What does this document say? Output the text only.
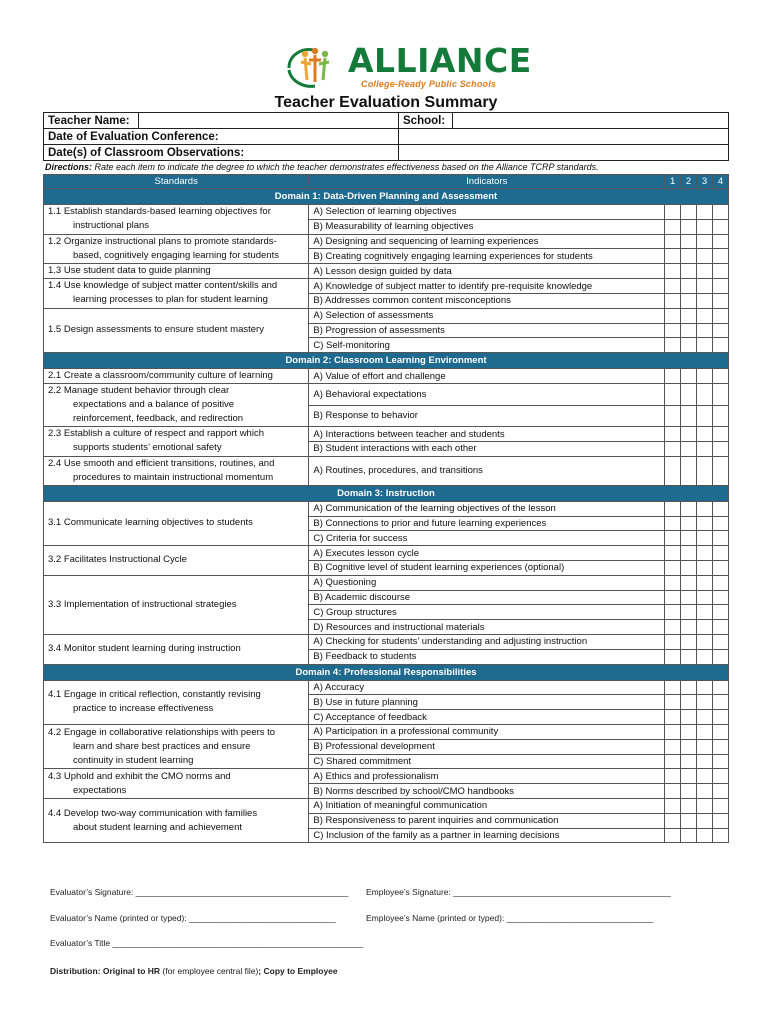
ALLIANCE
College-Ready Public Schools
Teacher Evaluation Summary
Teacher Name:		School:	
Date of Evaluation Conference:			
Date(s) of Classroom Observations:			
Directions: Rate each item to indicate the degree to which the teacher demonstrates effectiveness based on the Alliance TCRP standards.
Standards	Indicators	1	2	3	4
Domain 1: Data-Driven Planning and Assessment					

1.1 Establish standards-based learning objectives for
instructional plans	A) Selection of learning objectives				
	B) Measurability of learning objectives				

1.2 Organize instructional plans to promote standards-
based, cognitively engaging learning for students	A) Designing and sequencing of learning experiences				
	B) Creating cognitively engaging learning experiences for students				

1.3 Use student data to guide planning	A) Lesson design guided by data				

1.4 Use knowledge of subject matter content/skills and
learning processes to plan for student learning	A) Knowledge of subject matter to identify pre-requisite knowledge				
	B) Addresses common content misconceptions				

1.5 Design assessments to ensure student mastery	A) Selection of assessments				
	B) Progression of assessments				
	C) Self-monitoring				
Domain 2: Classroom Learning Environment					

2.1 Create a classroom/community culture of learning	A) Value of effort and challenge				

2.2 Manage student behavior through clear
expectations and a balance of positive
reinforcement, feedback, and redirection	A) Behavioral expectations				
	B) Response to behavior				

2.3 Establish a culture of respect and rapport which
supports students’ emotional safety	A) Interactions between teacher and students				
	B) Student interactions with each other				

2.4 Use smooth and efficient transitions, routines, and
procedures to maintain instructional momentum	A) Routines, procedures, and transitions				
Domain 3: Instruction					

3.1 Communicate learning objectives to students	A) Communication of the learning objectives of the lesson				
	B) Connections to prior and future learning experiences				
	C) Criteria for success				

3.2 Facilitates Instructional Cycle	A) Executes lesson cycle				
	B) Cognitive level of student learning experiences (optional)				

3.3 Implementation of instructional strategies	A) Questioning				
	B) Academic discourse				
	C) Group structures				
	D) Resources and instructional materials				

3.4 Monitor student learning during instruction	A) Checking for students’ understanding and adjusting instruction				
	B) Feedback to students				
Domain 4: Professional Responsibilities					

4.1 Engage in critical reflection, constantly revising
practice to increase effectiveness	A) Accuracy				
	B) Use in future planning				
	C) Acceptance of feedback				

4.2 Engage in collaborative relationships with peers to
learn and share best practices and ensure
continuity in student learning	A) Participation in a professional community				
	B) Professional development				
	C) Shared commitment				

4.3 Uphold and exhibit the CMO norms and
expectations	A) Ethics and professionalism				
	B) Norms described by school/CMO handbooks				

4.4 Develop two-way communication with families
about student learning and achievement	A) Initiation of meaningful communication				
	B) Responsiveness to parent inquiries and communication				
	C) Inclusion of the family as a partner in learning decisions				
Evaluator’s Signature: _____________________________________________ Employee’s Signature: ______________________________________________
Evaluator’s Name (printed or typed): _______________________________	Employee’s Name (printed or typed): _______________________________
Evaluator’s Title _____________________________________________________
Distribution: Original to HR (for employee central file); Copy to Employee
